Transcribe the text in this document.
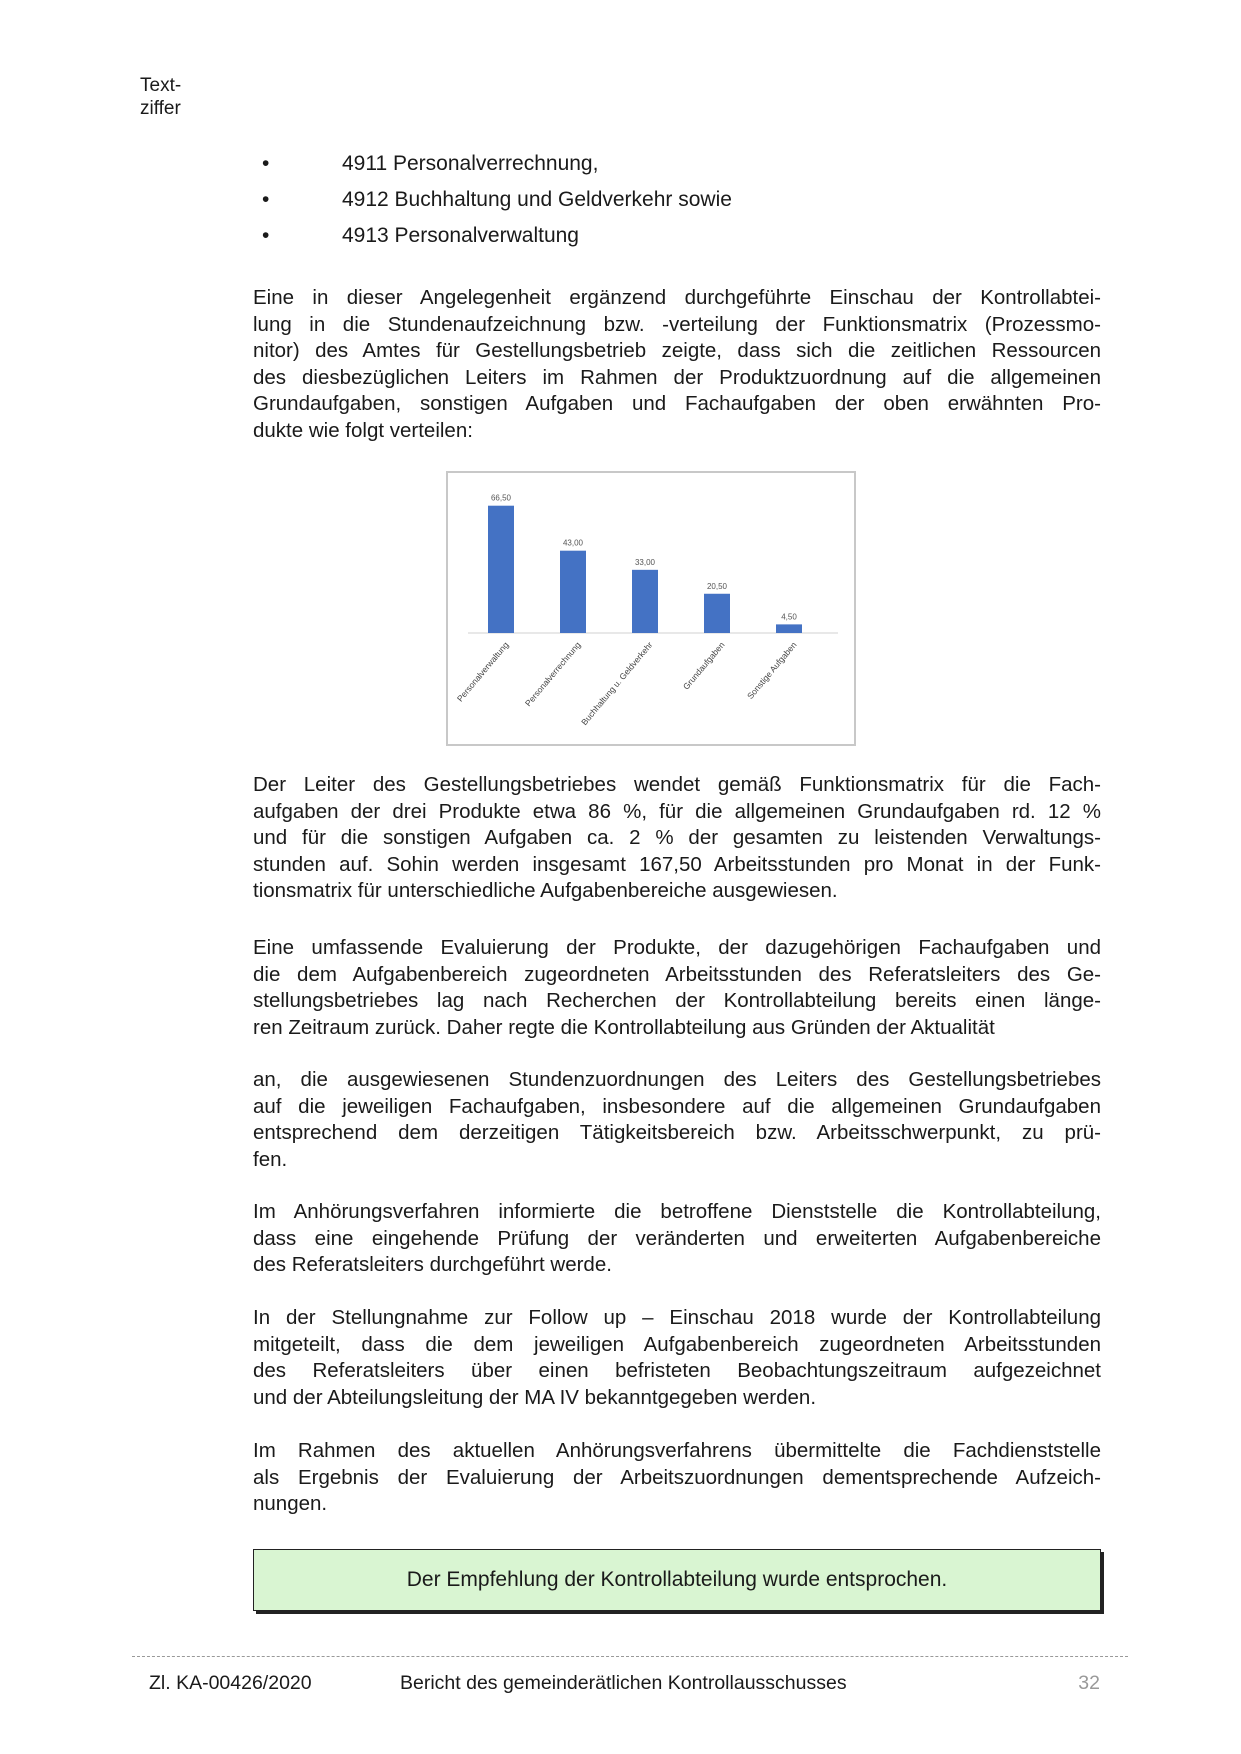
Text-
ziffer
•	4911 Personalverrechnung,
•	4912 Buchhaltung und Geldverkehr sowie
•	4913 Personalverwaltung
Eine in dieser Angelegenheit ergänzend durchgeführte Einschau der Kontrollabtei-
lung in die Stundenaufzeichnung bzw. -verteilung der Funktionsmatrix (Prozessmo-
nitor) des Amtes für Gestellungsbetrieb zeigte, dass sich die zeitlichen Ressourcen
des diesbezüglichen Leiters im Rahmen der Produktzuordnung auf die allgemeinen
Grundaufgaben, sonstigen Aufgaben und Fachaufgaben der oben erwähnten Pro-
dukte wie folgt verteilen:
66,50
Personalverwaltung
43,00
Personalverrechnung
33,00
Buchhaltung u. Geldverkehr
20,50
Grundaufgaben
4,50
Sonstige Aufgaben
Der Leiter des Gestellungsbetriebes wendet gemäß Funktionsmatrix für die Fach-
aufgaben der drei Produkte etwa 86 %, für die allgemeinen Grundaufgaben rd. 12 %
und für die sonstigen Aufgaben ca. 2 % der gesamten zu leistenden Verwaltungs-
stunden auf. Sohin werden insgesamt 167,50 Arbeitsstunden pro Monat in der Funk-
tionsmatrix für unterschiedliche Aufgabenbereiche ausgewiesen.
Eine umfassende Evaluierung der Produkte, der dazugehörigen Fachaufgaben und
die dem Aufgabenbereich zugeordneten Arbeitsstunden des Referatsleiters des Ge-
stellungsbetriebes lag nach Recherchen der Kontrollabteilung bereits einen länge-
ren Zeitraum zurück. Daher regte die Kontrollabteilung aus Gründen der Aktualität
an, die ausgewiesenen Stundenzuordnungen des Leiters des Gestellungsbetriebes
auf die jeweiligen Fachaufgaben, insbesondere auf die allgemeinen Grundaufgaben
entsprechend dem derzeitigen Tätigkeitsbereich bzw. Arbeitsschwerpunkt, zu prü-
fen.
Im Anhörungsverfahren informierte die betroffene Dienststelle die Kontrollabteilung,
dass eine eingehende Prüfung der veränderten und erweiterten Aufgabenbereiche
des Referatsleiters durchgeführt werde.
In der Stellungnahme zur Follow up – Einschau 2018 wurde der Kontrollabteilung
mitgeteilt, dass die dem jeweiligen Aufgabenbereich zugeordneten Arbeitsstunden
des Referatsleiters über einen befristeten Beobachtungszeitraum aufgezeichnet
und der Abteilungsleitung der MA IV bekanntgegeben werden.
Im Rahmen des aktuellen Anhörungsverfahrens übermittelte die Fachdienststelle
als Ergebnis der Evaluierung der Arbeitszuordnungen dementsprechende Aufzeich-
nungen.
Der Empfehlung der Kontrollabteilung wurde entsprochen.
Zl. KA-00426/2020	Bericht des gemeinderätlichen Kontrollausschusses	32
